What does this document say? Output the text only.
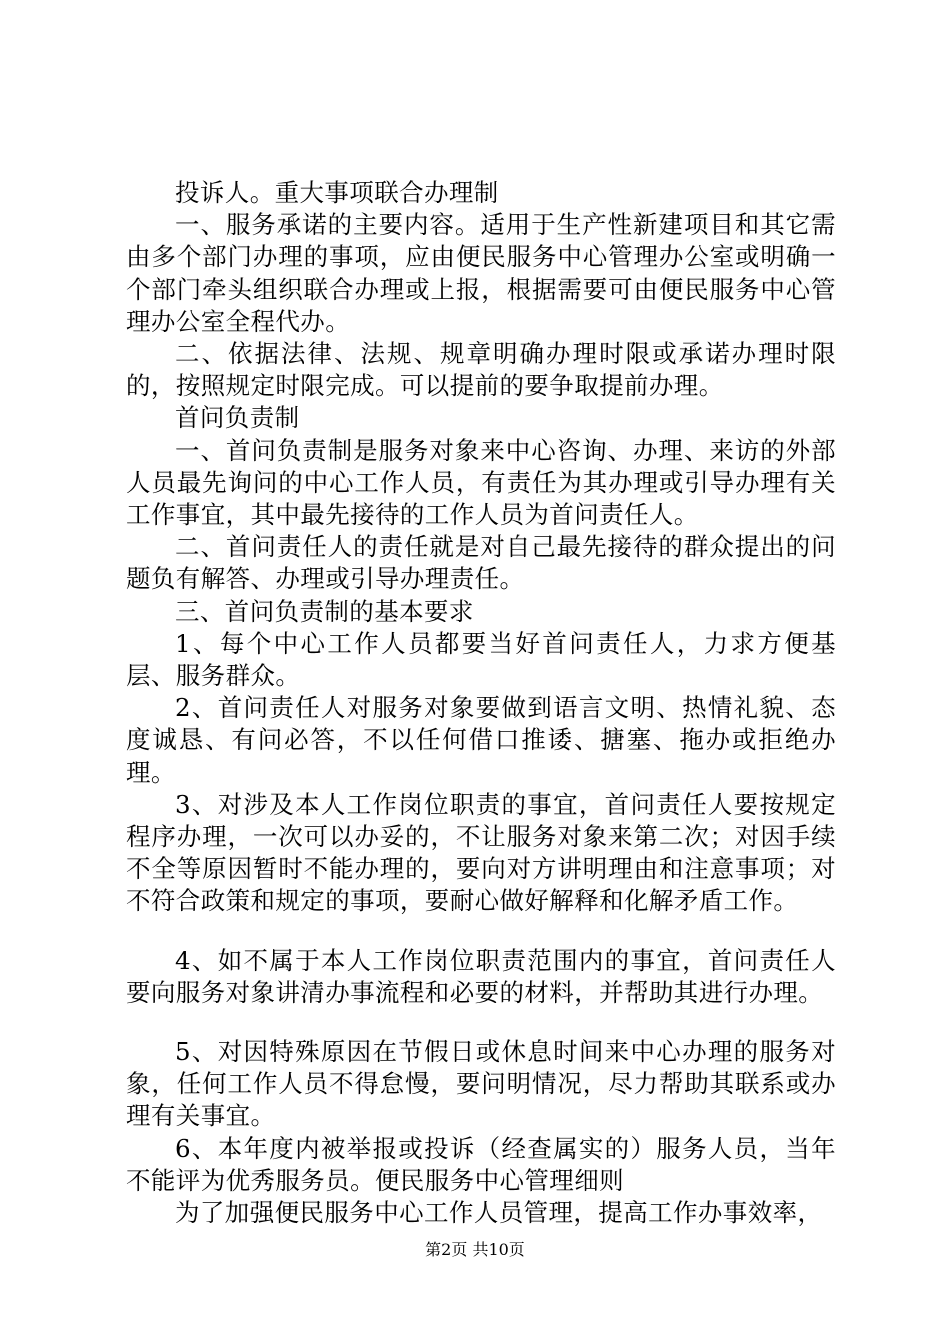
投诉人。重大事项联合办理制

一、服务承诺的主要内容。适用于生产性新建项目和其它需由多个部门办理的事项，应由便民服务中心管理办公室或明确一个部门牵头组织联合办理或上报，根据需要可由便民服务中心管理办公室全程代办。

二、依据法律、法规、规章明确办理时限或承诺办理时限的，按照规定时限完成。可以提前的要争取提前办理。

首问负责制

一、首问负责制是服务对象来中心咨询、办理、来访的外部人员最先询问的中心工作人员，有责任为其办理或引导办理有关工作事宜，其中最先接待的工作人员为首问责任人。

二、首问责任人的责任就是对自己最先接待的群众提出的问题负有解答、办理或引导办理责任。

三、首问负责制的基本要求

1、每个中心工作人员都要当好首问责任人，力求方便基层、服务群众。

2、首问责任人对服务对象要做到语言文明、热情礼貌、态度诚恳、有问必答，不以任何借口推诿、搪塞、拖办或拒绝办理。

3、对涉及本人工作岗位职责的事宜，首问责任人要按规定程序办理，一次可以办妥的，不让服务对象来第二次；对因手续不全等原因暂时不能办理的，要向对方讲明理由和注意事项；对不符合政策和规定的事项，要耐心做好解释和化解矛盾工作。

4、如不属于本人工作岗位职责范围内的事宜，首问责任人要向服务对象讲清办事流程和必要的材料，并帮助其进行办理。

5、对因特殊原因在节假日或休息时间来中心办理的服务对象，任何工作人员不得怠慢，要问明情况，尽力帮助其联系或办理有关事宜。

6、本年度内被举报或投诉（经查属实的）服务人员，当年不能评为优秀服务员。便民服务中心管理细则

为了加强便民服务中心工作人员管理，提高工作办事效率，

第2页 共10页
